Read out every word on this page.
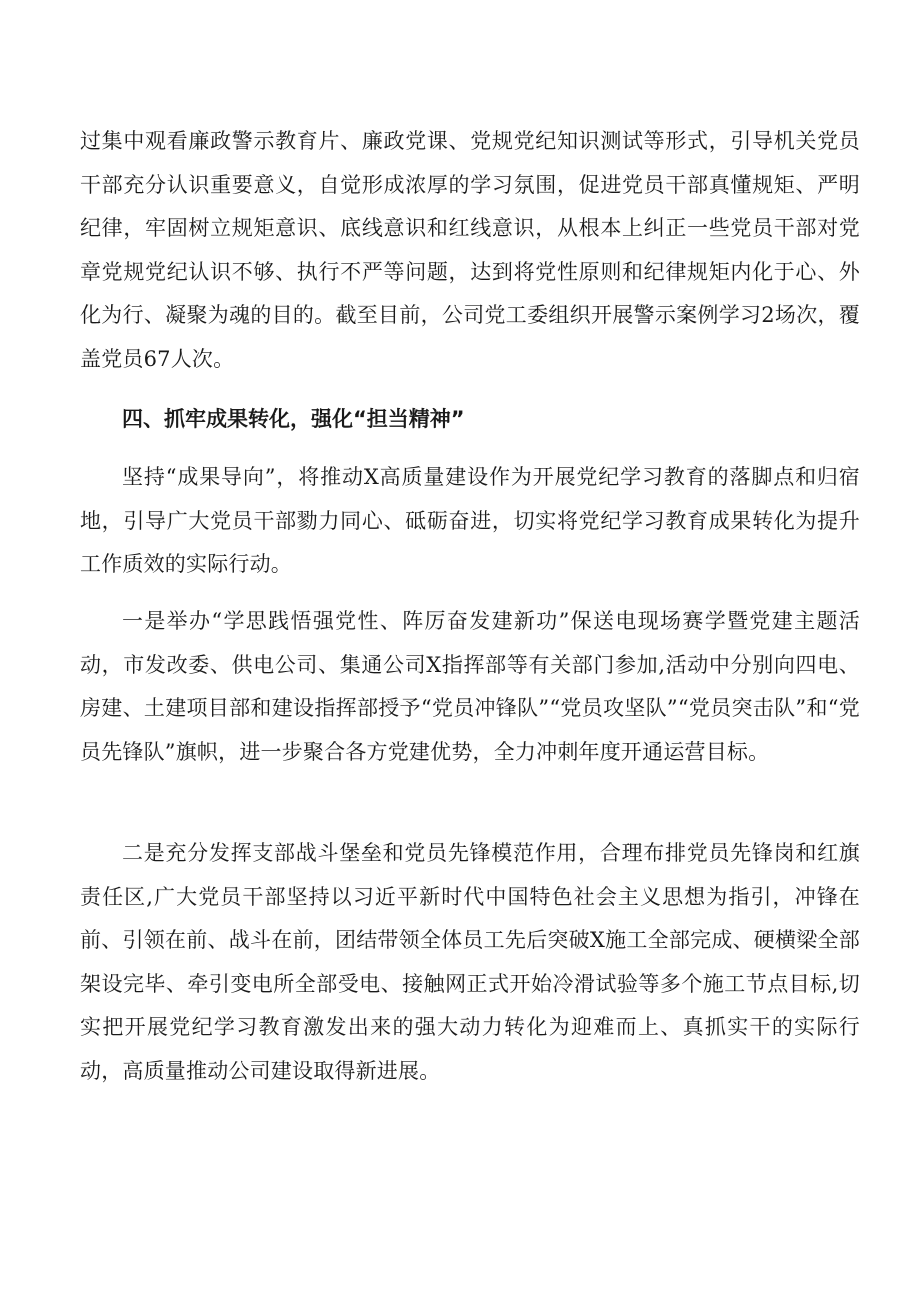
过集中观看廉政警示教育片、廉政党课、党规党纪知识测试等形式，引导机关党员干部充分认识重要意义，自觉形成浓厚的学习氛围，促进党员干部真懂规矩、严明纪律，牢固树立规矩意识、底线意识和红线意识，从根本上纠正一些党员干部对党章党规党纪认识不够、执行不严等问题，达到将党性原则和纪律规矩内化于心、外化为行、凝聚为魂的目的。截至目前，公司党工委组织开展警示案例学习2场次，覆盖党员67人次。

四、抓牢成果转化，强化“担当精神”

坚持“成果导向”，将推动X高质量建设作为开展党纪学习教育的落脚点和归宿地，引导广大党员干部勠力同心、砥砺奋进，切实将党纪学习教育成果转化为提升工作质效的实际行动。

一是举办“学思践悟强党性、阵厉奋发建新功”保送电现场赛学暨党建主题活动，市发改委、供电公司、集通公司X指挥部等有关部门参加,活动中分别向四电、房建、土建项目部和建设指挥部授予“党员冲锋队”“党员攻坚队”“党员突击队”和“党员先锋队”旗帜，进一步聚合各方党建优势，全力冲刺年度开通运营目标。

二是充分发挥支部战斗堡垒和党员先锋模范作用，合理布排党员先锋岗和红旗责任区,广大党员干部坚持以习近平新时代中国特色社会主义思想为指引，冲锋在前、引领在前、战斗在前，团结带领全体员工先后突破X施工全部完成、硬横梁全部架设完毕、牵引变电所全部受电、接触网正式开始冷滑试验等多个施工节点目标,切实把开展党纪学习教育激发出来的强大动力转化为迎难而上、真抓实干的实际行动，高质量推动公司建设取得新进展。
